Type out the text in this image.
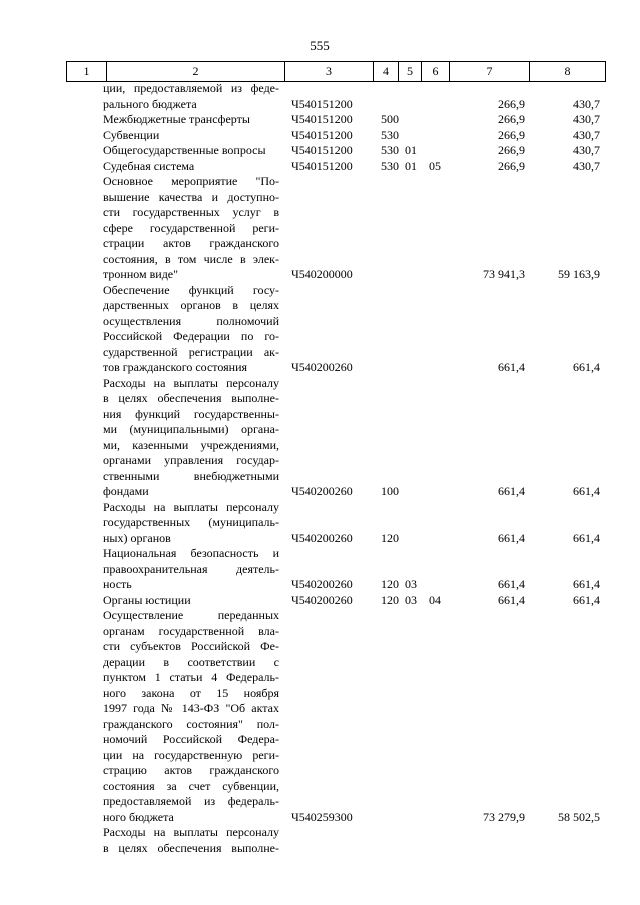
555
1	2	3	4	5	6	7	8
ции, предоставляемой из феде-
рального бюджета	Ч540151200	266,9	430,7
Межбюджетные трансферты	Ч540151200 500	266,9	430,7
Субвенции	Ч540151200 530	266,9	430,7
Общегосударственные вопросы	Ч540151200 530 01	266,9	430,7
Судебная система	Ч540151200 530 01 05	266,9	430,7
Основное мероприятие "По-
вышение качества и доступно-
сти государственных услуг в
сфере государственной реги-
страции актов гражданского
состояния, в том числе в элек-
тронном виде"	Ч540200000	73 941,3	59 163,9
Обеспечение функций госу-
дарственных органов в целях
осуществления полномочий
Российской Федерации по го-
сударственной регистрации ак-
тов гражданского состояния	Ч540200260	661,4	661,4
Расходы на выплаты персоналу
в целях обеспечения выполне-
ния функций государственны-
ми (муниципальными) органа-
ми, казенными учреждениями,
органами управления государ-
ственными внебюджетными
фондами	Ч540200260 100	661,4	661,4
Расходы на выплаты персоналу
государственных (муниципаль-
ных) органов	Ч540200260 120	661,4	661,4
Национальная безопасность и
правоохранительная деятель-
ность	Ч540200260 120 03	661,4	661,4
Органы юстиции	Ч540200260 120 03 04	661,4	661,4
Осуществление переданных
органам государственной вла-
сти субъектов Российской Фе-
дерации в соответствии с
пунктом 1 статьи 4 Федераль-
ного закона от 15 ноября
1997 года № 143-ФЗ "Об актах
гражданского состояния" пол-
номочий Российской Федера-
ции на государственную реги-
страцию актов гражданского
состояния за счет субвенции,
предоставляемой из федераль-
ного бюджета	Ч540259300	73 279,9	58 502,5
Расходы на выплаты персоналу
в целях обеспечения выполне-
